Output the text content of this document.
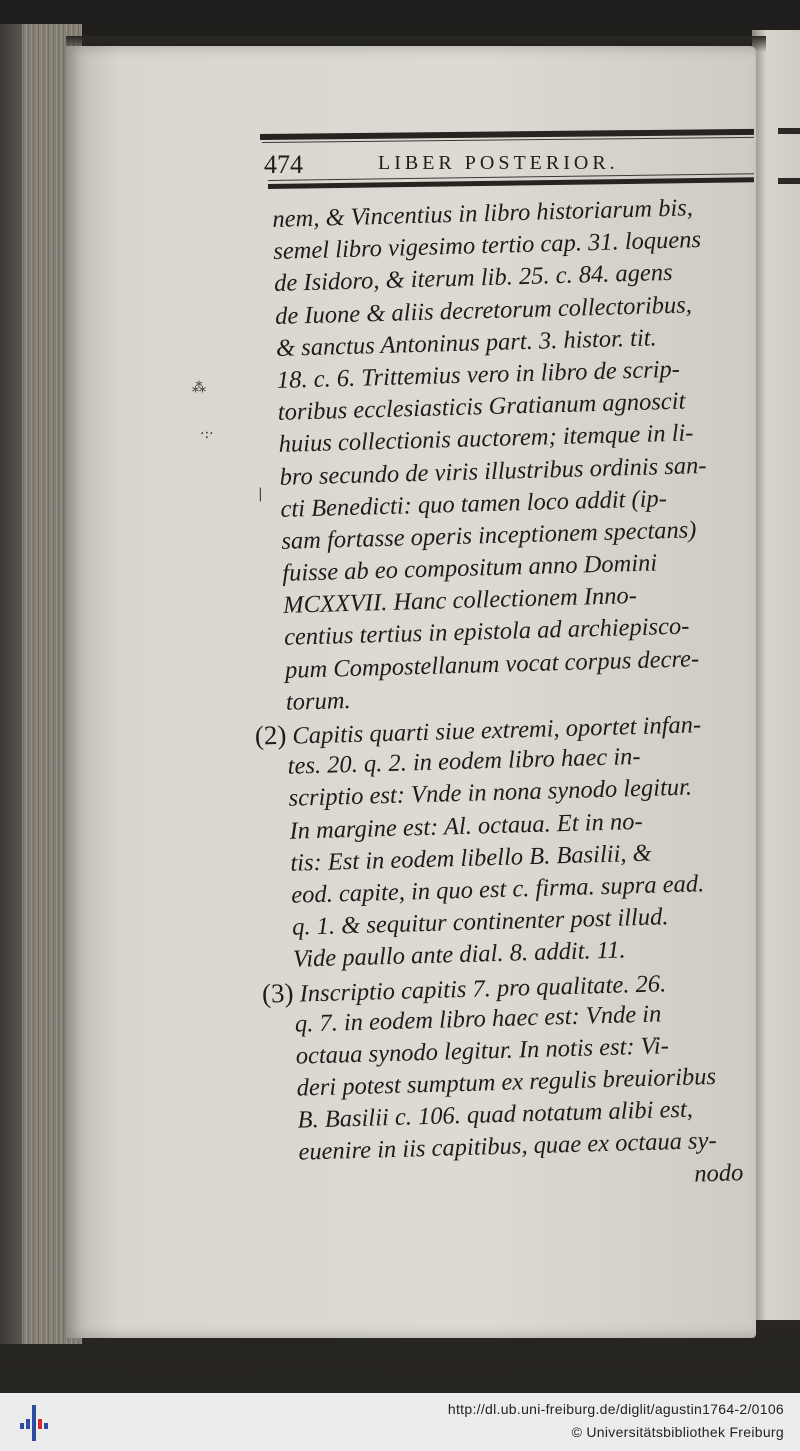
474	LIBER POSTERIOR.
⁂
·:·
|
nem, & Vincentius in libro historiarum bis,
semel libro vigesimo tertio cap. 31. loquens
de Isidoro, & iterum lib. 25. c. 84. agens
de Iuone & aliis decretorum collectoribus,
& sanctus Antoninus part. 3. histor. tit.
18. c. 6. Trittemius vero in libro de scrip-
toribus ecclesiasticis Gratianum agnoscit
huius collectionis auctorem; itemque in li-
bro secundo de viris illustribus ordinis san-
cti Benedicti: quo tamen loco addit (ip-
sam fortasse operis inceptionem spectans)
fuisse ab eo compositum anno Domini
MCXXVII. Hanc collectionem Inno-
centius tertius in epistola ad archiepisco-
pum Compostellanum vocat corpus decre-
torum.
(2) Capitis quarti siue extremi, oportet infan-
tes. 20. q. 2. in eodem libro haec in-
scriptio est: Vnde in nona synodo legitur.
In margine est: Al. octaua. Et in no-
tis: Est in eodem libello B. Basilii, &
eod. capite, in quo est c. firma. supra ead.
q. 1. & sequitur continenter post illud.
Vide paullo ante dial. 8. addit. 11.
(3) Inscriptio capitis 7. pro qualitate. 26.
q. 7. in eodem libro haec est: Vnde in
octaua synodo legitur. In notis est: Vi-
deri potest sumptum ex regulis breuioribus
B. Basilii c. 106. quad notatum alibi est,
euenire in iis capitibus, quae ex octaua sy-
nodo
http://dl.ub.uni-freiburg.de/diglit/agustin1764-2/0106
© Universitätsbibliothek Freiburg
